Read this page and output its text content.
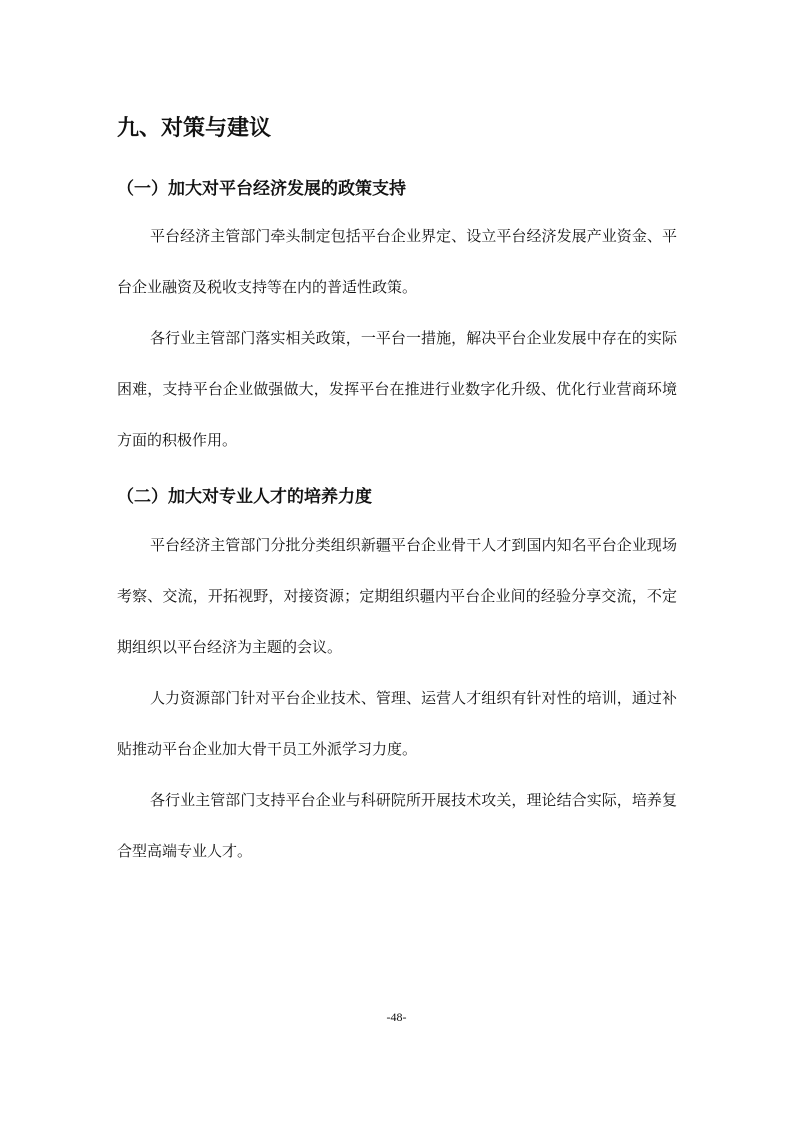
九、对策与建议
（一）加大对平台经济发展的政策支持

平台经济主管部门牵头制定包括平台企业界定、设立平台经济发展产业资金、平台企业融资及税收支持等在内的普适性政策。

各行业主管部门落实相关政策，一平台一措施，解决平台企业发展中存在的实际困难，支持平台企业做强做大，发挥平台在推进行业数字化升级、优化行业营商环境方面的积极作用。

（二）加大对专业人才的培养力度

平台经济主管部门分批分类组织新疆平台企业骨干人才到国内知名平台企业现场考察、交流，开拓视野，对接资源；定期组织疆内平台企业间的经验分享交流，不定期组织以平台经济为主题的会议。

人力资源部门针对平台企业技术、管理、运营人才组织有针对性的培训，通过补贴推动平台企业加大骨干员工外派学习力度。

各行业主管部门支持平台企业与科研院所开展技术攻关，理论结合实际，培养复合型高端专业人才。

-48-
